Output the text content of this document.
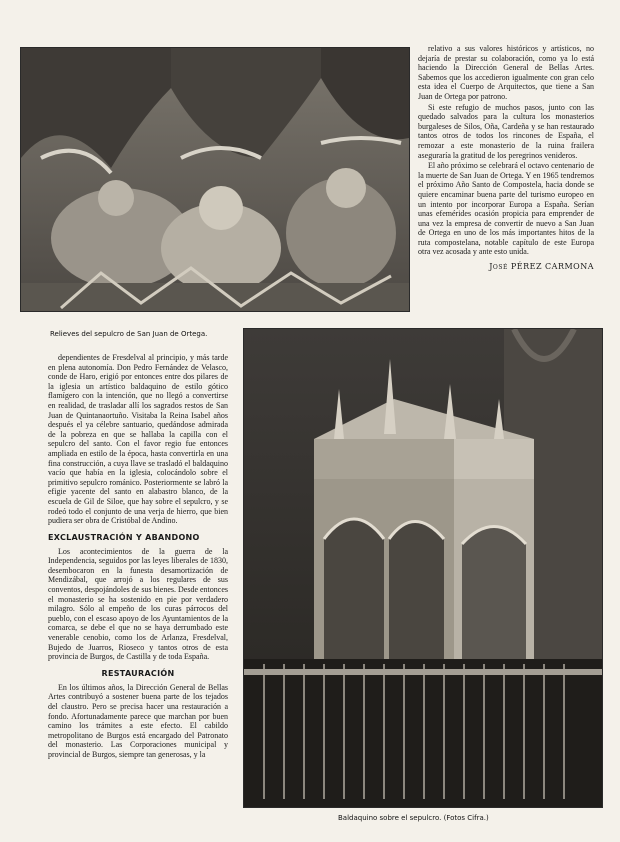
Relieves del sepulcro de San Juan de Ortega.

relativo a sus valores históricos y artísticos, no dejaría de prestar su colaboración, como ya lo está haciendo la Dirección General de Bellas Artes. Sabemos que los accedieron igualmente con gran celo esta idea el Cuerpo de Arquitectos, que tiene a San Juan de Ortega por patrono.

Si este refugio de muchos pasos, junto con las quedado salvados para la cultura los monasterios burgaleses de Silos, Oña, Cardeña y se han restaurado tantos otros de todos los rincones de España, el remozar a este monasterio de la ruina frailera aseguraría la gratitud de los peregrinos venideros.

El año próximo se celebrará el octavo centenario de la muerte de San Juan de Ortega. Y en 1965 tendremos el próximo Año Santo de Compostela, hacia donde se quiere encaminar buena parte del turismo europeo en un intento por incorporar Europa a España. Serían unas efemérides ocasión propicia para emprender de una vez la empresa de convertir de nuevo a San Juan de Ortega en uno de los más importantes hitos de la ruta compostelana, notable capítulo de este Europa otra vez acosada y ante esto unida.

José PÉREZ CARMONA

dependientes de Fresdelval al principio, y más tarde en plena autonomía. Don Pedro Fernández de Velasco, conde de Haro, erigió por entonces entre dos pilares de la iglesia un artístico baldaquino de estilo gótico flamígero con la intención, que no llegó a convertirse en realidad, de trasladar allí los sagrados restos de San Juan de Quintanaortuño. Visitaba la Reina Isabel años después el ya célebre santuario, quedándose admirada de la pobreza en que se hallaba la capilla con el sepulcro del santo. Con el favor regio fue entonces ampliada en estilo de la época, hasta convertirla en una fina construcción, a cuya llave se trasladó el baldaquino vacío que había en la iglesia, colocándolo sobre el primitivo sepulcro románico. Posteriormente se labró la efigie yacente del santo en alabastro blanco, de la escuela de Gil de Siloe, que hay sobre el sepulcro, y se rodeó todo el conjunto de una verja de hierro, que bien pudiera ser obra de Cristóbal de Andino.

EXCLAUSTRACIÓN Y ABANDONO

Los acontecimientos de la guerra de la Independencia, seguidos por las leyes liberales de 1830, desembocaron en la funesta desamortización de Mendizábal, que arrojó a los regulares de sus conventos, despojándoles de sus bienes. Desde entonces el monasterio se ha sostenido en pie por verdadero milagro. Sólo al empeño de los curas párrocos del pueblo, con el escaso apoyo de los Ayuntamientos de la comarca, se debe el que no se haya derrumbado este venerable cenobio, como los de Arlanza, Fresdelval, Bujedo de Juarros, Rioseco y tantos otros de esta provincia de Burgos, de Castilla y de toda España.

RESTAURACIÓN

En los últimos años, la Dirección General de Bellas Artes contribuyó a sostener buena parte de los tejados del claustro. Pero se precisa hacer una restauración a fondo. Afortunadamente parece que marchan por buen camino los trámites a este efecto. El cabildo metropolitano de Burgos está encargado del Patronato del monasterio. Las Corporaciones municipal y provincial de Burgos, siempre tan generosas, y la

Baldaquino sobre el sepulcro. (Fotos Cifra.)
